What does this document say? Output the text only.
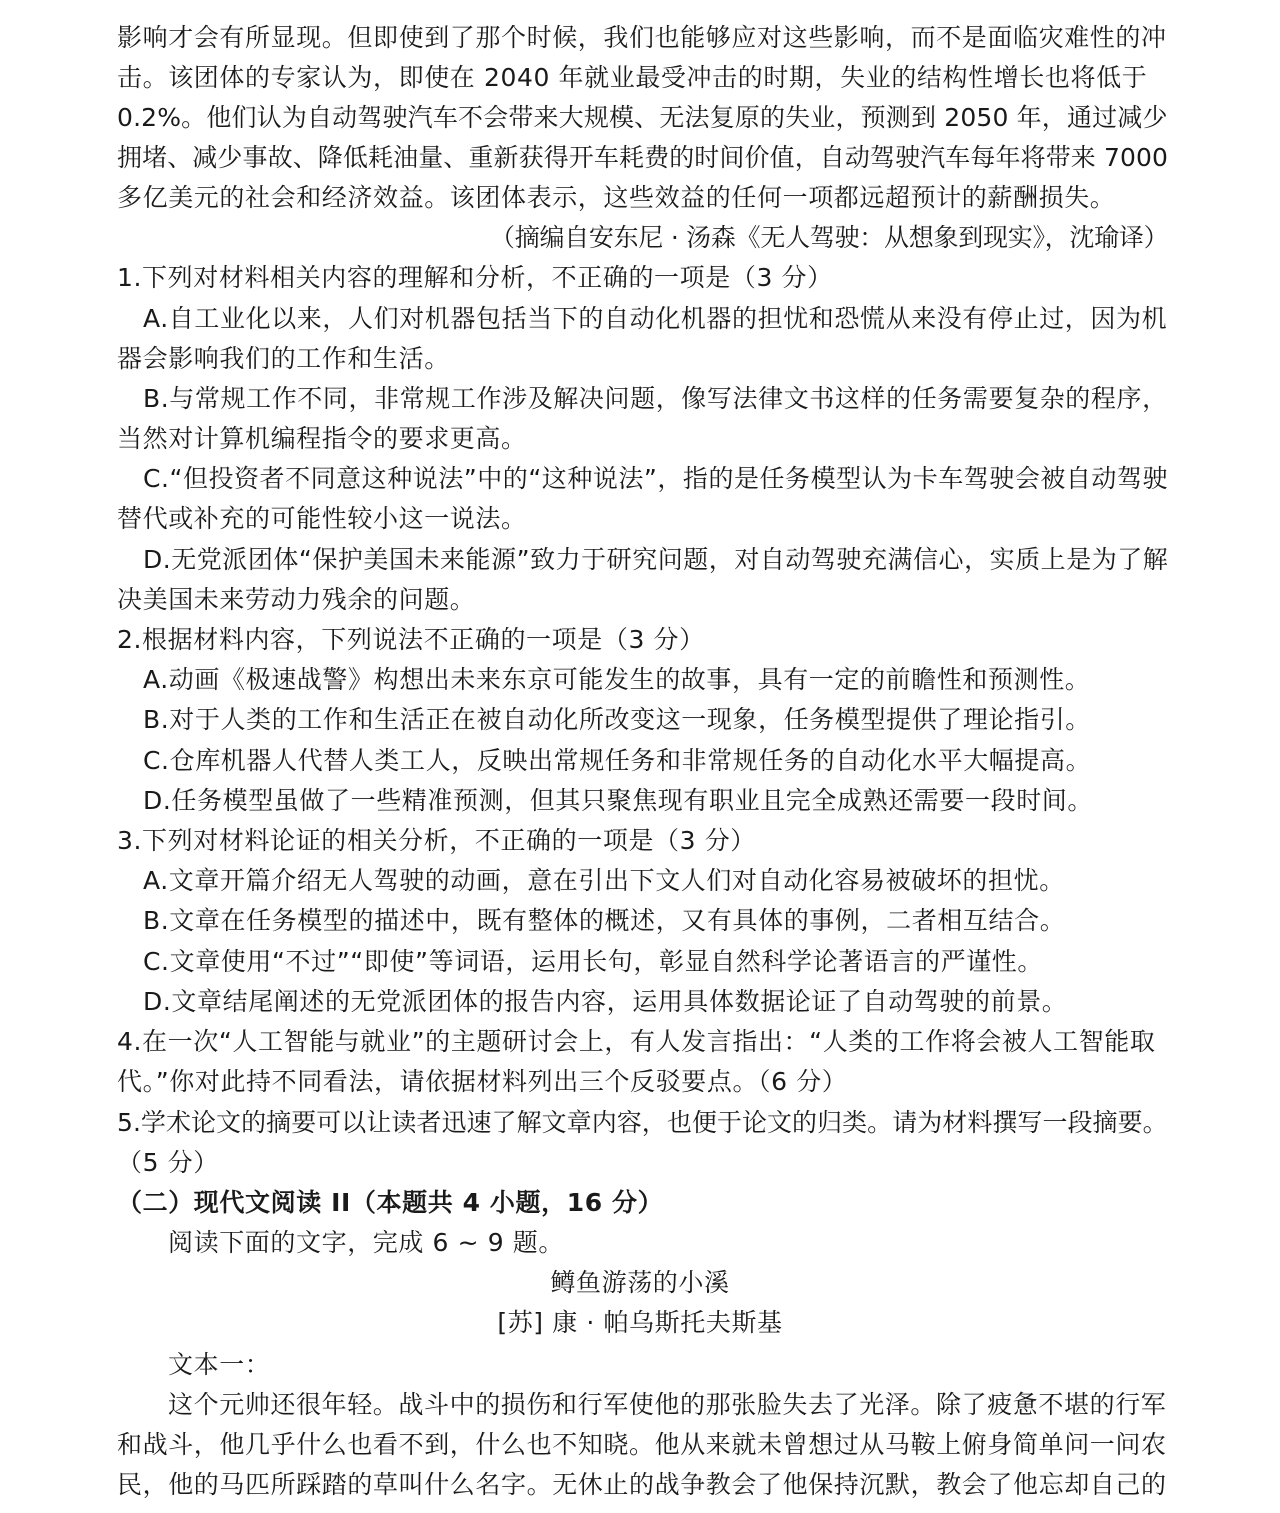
影响才会有所显现。但即使到了那个时候，我们也能够应对这些影响，而不是面临灾难性的冲

击。该团体的专家认为，即使在 2040 年就业最受冲击的时期，失业的结构性增长也将低于

0.2%。他们认为自动驾驶汽车不会带来大规模、无法复原的失业，预测到 2050 年，通过减少

拥堵、减少事故、降低耗油量、重新获得开车耗费的时间价值，自动驾驶汽车每年将带来 7000

多亿美元的社会和经济效益。该团体表示，这些效益的任何一项都远超预计的薪酬损失。

（摘编自安东尼 · 汤森《无人驾驶：从想象到现实》，沈瑜译）

1.下列对材料相关内容的理解和分析，不正确的一项是（3 分）

A.自工业化以来，人们对机器包括当下的自动化机器的担忧和恐慌从来没有停止过，因为机

器会影响我们的工作和生活。

B.与常规工作不同，非常规工作涉及解决问题，像写法律文书这样的任务需要复杂的程序，

当然对计算机编程指令的要求更高。

C.“但投资者不同意这种说法”中的“这种说法”，指的是任务模型认为卡车驾驶会被自动驾驶

替代或补充的可能性较小这一说法。

D.无党派团体“保护美国未来能源”致力于研究问题，对自动驾驶充满信心，实质上是为了解

决美国未来劳动力残余的问题。

2.根据材料内容，下列说法不正确的一项是（3 分）

A.动画《极速战警》构想出未来东京可能发生的故事，具有一定的前瞻性和预测性。

B.对于人类的工作和生活正在被自动化所改变这一现象，任务模型提供了理论指引。

C.仓库机器人代替人类工人，反映出常规任务和非常规任务的自动化水平大幅提高。

D.任务模型虽做了一些精准预测，但其只聚焦现有职业且完全成熟还需要一段时间。

3.下列对材料论证的相关分析，不正确的一项是（3 分）

A.文章开篇介绍无人驾驶的动画，意在引出下文人们对自动化容易被破坏的担忧。

B.文章在任务模型的描述中，既有整体的概述，又有具体的事例，二者相互结合。

C.文章使用“不过”“即使”等词语，运用长句，彰显自然科学论著语言的严谨性。

D.文章结尾阐述的无党派团体的报告内容，运用具体数据论证了自动驾驶的前景。

4.在一次“人工智能与就业”的主题研讨会上，有人发言指出：“人类的工作将会被人工智能取

代。”你对此持不同看法，请依据材料列出三个反驳要点。（6 分）

5.学术论文的摘要可以让读者迅速了解文章内容，也便于论文的归类。请为材料撰写一段摘要。

（5 分）

（二）现代文阅读 II（本题共 4 小题，16 分）

阅读下面的文字，完成 6 ~ 9 题。

鳟鱼游荡的小溪

[苏] 康 · 帕乌斯托夫斯基

文本一：

这个元帅还很年轻。战斗中的损伤和行军使他的那张脸失去了光泽。除了疲惫不堪的行军

和战斗，他几乎什么也看不到，什么也不知晓。他从来就未曾想过从马鞍上俯身简单问一问农

民，他的马匹所踩踏的草叫什么名字。无休止的战争教会了他保持沉默，教会了他忘却自己的
